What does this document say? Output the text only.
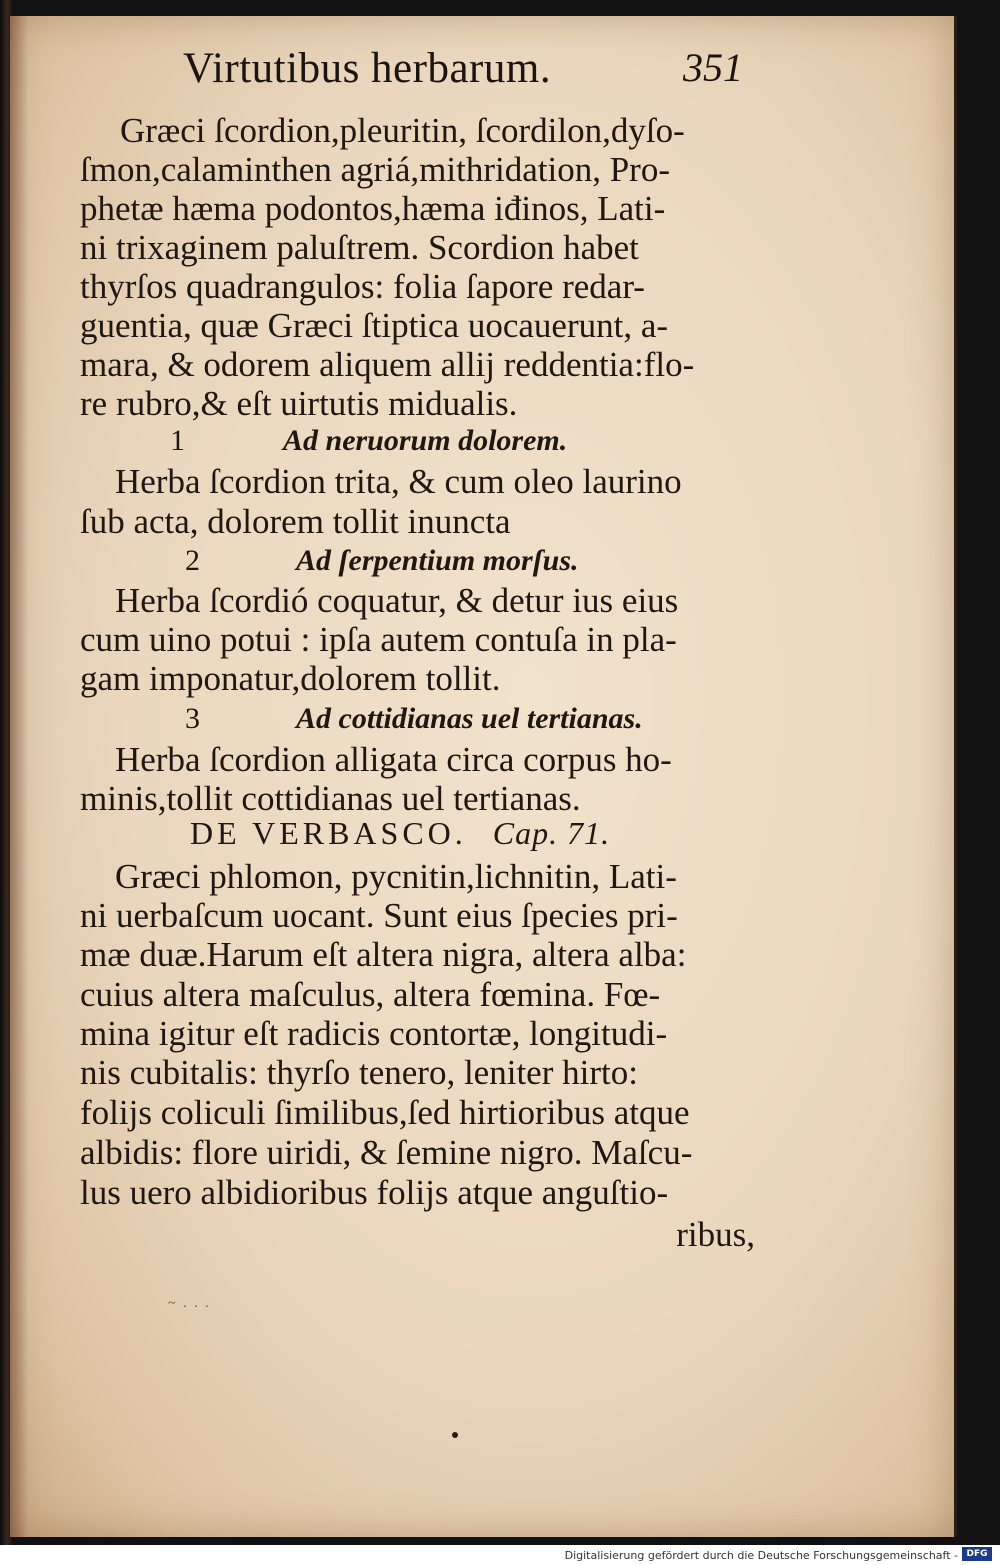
Virtutibus herbarum.	351
Græci ſcordion,pleuritin, ſcordilon,dyſo-
ſmon,calaminthen agriá,mithridation, Pro-
phetæ hæma podontos,hæma iđinos, Lati-
ni trixaginem paluſtrem. Scordion habet
thyrſos quadrangulos: folia ſapore redar-
guentia, quæ Græci ſtiptica uocauerunt, a-
mara, & odorem aliquem allij reddentia:flo-
re rubro,& eſt uirtutis midualis.
1	Ad neruorum dolorem.
Herba ſcordion trita, & cum oleo laurino
ſub acta, dolorem tollit inuncta
2	Ad ſerpentium morſus.
Herba ſcordió coquatur, & detur ius eius
cum uino potui : ipſa autem contuſa in pla-
gam imponatur,dolorem tollit.
3	Ad cottidianas uel tertianas.
Herba ſcordion alligata circa corpus ho-
minis,tollit cottidianas uel tertianas.
DE VERBASCO. Cap. 71.
Græci phlomon, pycnitin,lichnitin, Lati-
ni uerbaſcum uocant. Sunt eius ſpecies pri-
mæ duæ.Harum eſt altera nigra, altera alba:
cuius altera maſculus, altera fœmina. Fœ-
mina igitur eſt radicis contortæ, longitudi-
nis cubitalis: thyrſo tenero, leniter hirto:
folijs coliculi ſimilibus,ſed hirtioribus atque
albidis: flore uiridi, & ſemine nigro. Maſcu-
lus uero albidioribus folijs atque anguſtio-
ribus,
~ . . .
Digitalisierung gefördert durch die Deutsche Forschungsgemeinschaft - DFG
